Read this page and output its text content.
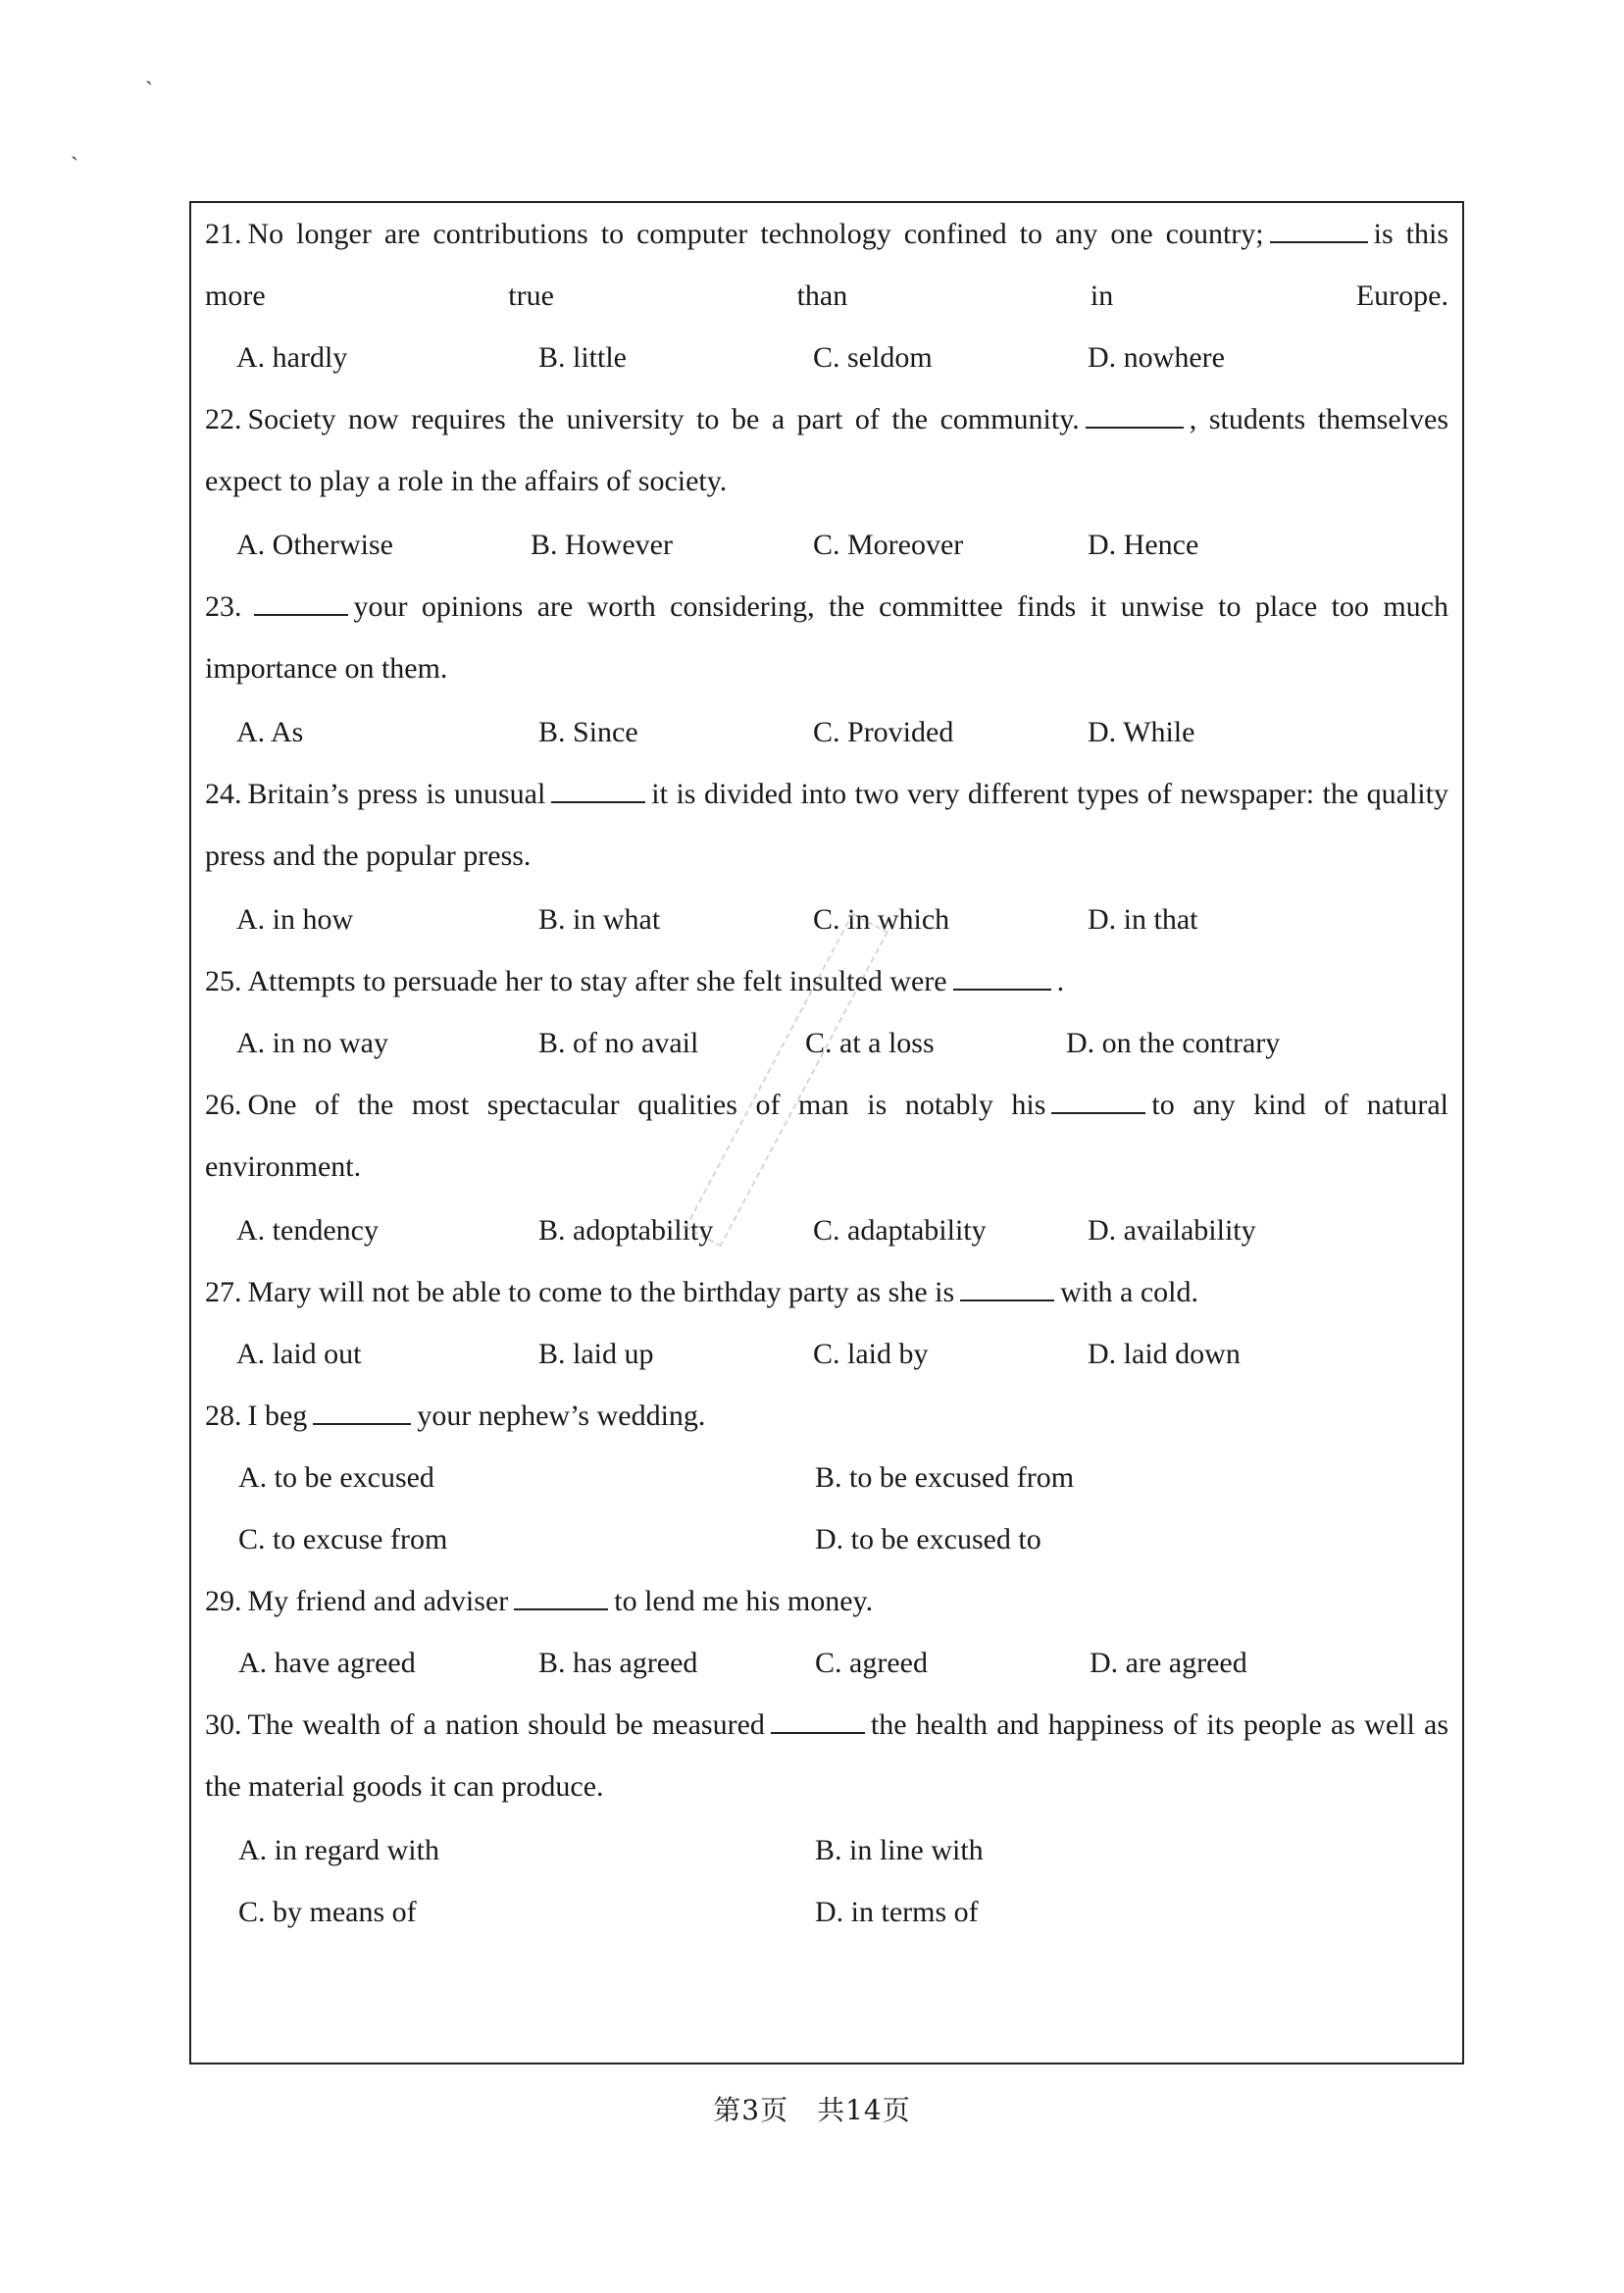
ˋ
ˎ
21. No longer are contributions to computer technology confined to any one country;	is this more true than in Europe.
A. hardly	B. little	C. seldom	D. nowhere
22. Society now requires the university to be a part of the community.	, students themselves expect to play a role in the affairs of society.
A. Otherwise	B. However	C. Moreover	D. Hence
23.	your opinions are worth considering, the committee finds it unwise to place too much importance on them.
A. As	B. Since	C. Provided	D. While
24. Britain’s press is unusual	it is divided into two very different types of newspaper: the quality press and the popular press.
A. in how	B. in what	C. in which	D. in that
25. Attempts to persuade her to stay after she felt insulted were	.
A. in no way	B. of no avail	C. at a loss	D. on the contrary
26. One of the most spectacular qualities of man is notably his	to any kind of natural environment.
A. tendency	B. adoptability	C. adaptability	D. availability
27. Mary will not be able to come to the birthday party as she is	with a cold.
A. laid out	B. laid up	C. laid by	D. laid down
28. I beg	your nephew’s wedding.
A. to be excused	B. to be excused from
C. to excuse from	D. to be excused to
29. My friend and adviser	to lend me his money.
A. have agreed	B. has agreed	C. agreed	D. are agreed
30. The wealth of a nation should be measured	the health and happiness of its people as well as the material goods it can produce.
A. in regard with	B. in line with
C. by means of	D. in terms of
第3页　共14页
